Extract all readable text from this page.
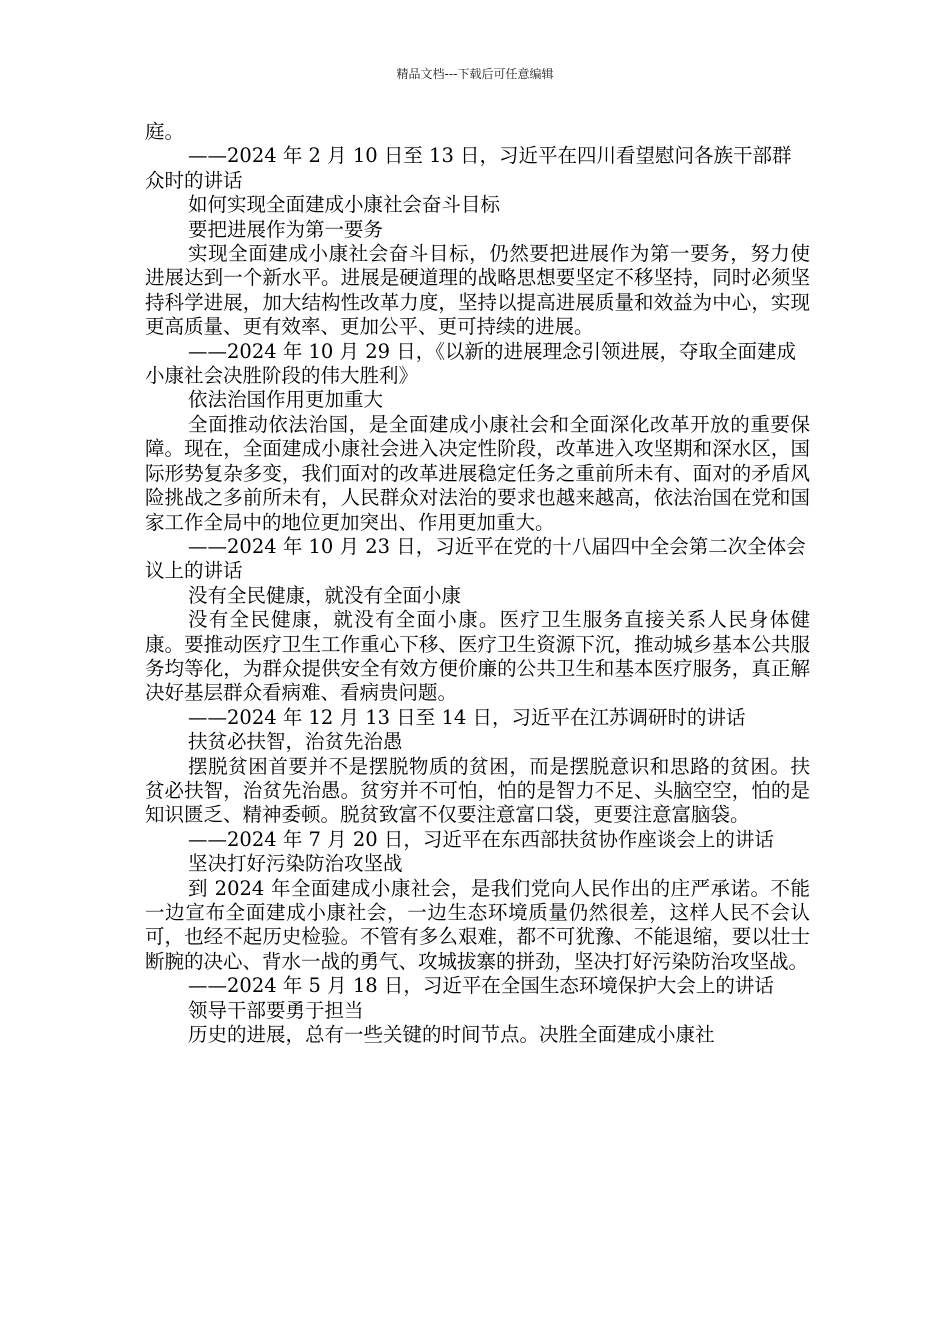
精品文档---下载后可任意编辑

庭。

——2024 年 2 月 10 日至 13 日，习近平在四川看望慰问各族干部群众时的讲话

如何实现全面建成小康社会奋斗目标

要把进展作为第一要务

实现全面建成小康社会奋斗目标，仍然要把进展作为第一要务，努力使进展达到一个新水平。进展是硬道理的战略思想要坚定不移坚持，同时必须坚持科学进展，加大结构性改革力度，坚持以提高进展质量和效益为中心，实现更高质量、更有效率、更加公平、更可持续的进展。

——2024 年 10 月 29 日，《以新的进展理念引领进展，夺取全面建成小康社会决胜阶段的伟大胜利》

依法治国作用更加重大

全面推动依法治国，是全面建成小康社会和全面深化改革开放的重要保障。现在，全面建成小康社会进入决定性阶段，改革进入攻坚期和深水区，国际形势复杂多变，我们面对的改革进展稳定任务之重前所未有、面对的矛盾风险挑战之多前所未有，人民群众对法治的要求也越来越高，依法治国在党和国家工作全局中的地位更加突出、作用更加重大。

——2024 年 10 月 23 日，习近平在党的十八届四中全会第二次全体会议上的讲话

没有全民健康，就没有全面小康

没有全民健康，就没有全面小康。医疗卫生服务直接关系人民身体健康。要推动医疗卫生工作重心下移、医疗卫生资源下沉，推动城乡基本公共服务均等化，为群众提供安全有效方便价廉的公共卫生和基本医疗服务，真正解决好基层群众看病难、看病贵问题。

——2024 年 12 月 13 日至 14 日，习近平在江苏调研时的讲话

扶贫必扶智，治贫先治愚

摆脱贫困首要并不是摆脱物质的贫困，而是摆脱意识和思路的贫困。扶贫必扶智，治贫先治愚。贫穷并不可怕，怕的是智力不足、头脑空空，怕的是知识匮乏、精神委顿。脱贫致富不仅要注意富口袋，更要注意富脑袋。

——2024 年 7 月 20 日，习近平在东西部扶贫协作座谈会上的讲话

坚决打好污染防治攻坚战

到 2024 年全面建成小康社会，是我们党向人民作出的庄严承诺。不能一边宣布全面建成小康社会，一边生态环境质量仍然很差，这样人民不会认可，也经不起历史检验。不管有多么艰难，都不可犹豫、不能退缩，要以壮士断腕的决心、背水一战的勇气、攻城拔寨的拼劲，坚决打好污染防治攻坚战。

——2024 年 5 月 18 日，习近平在全国生态环境保护大会上的讲话

领导干部要勇于担当

历史的进展，总有一些关键的时间节点。决胜全面建成小康社
